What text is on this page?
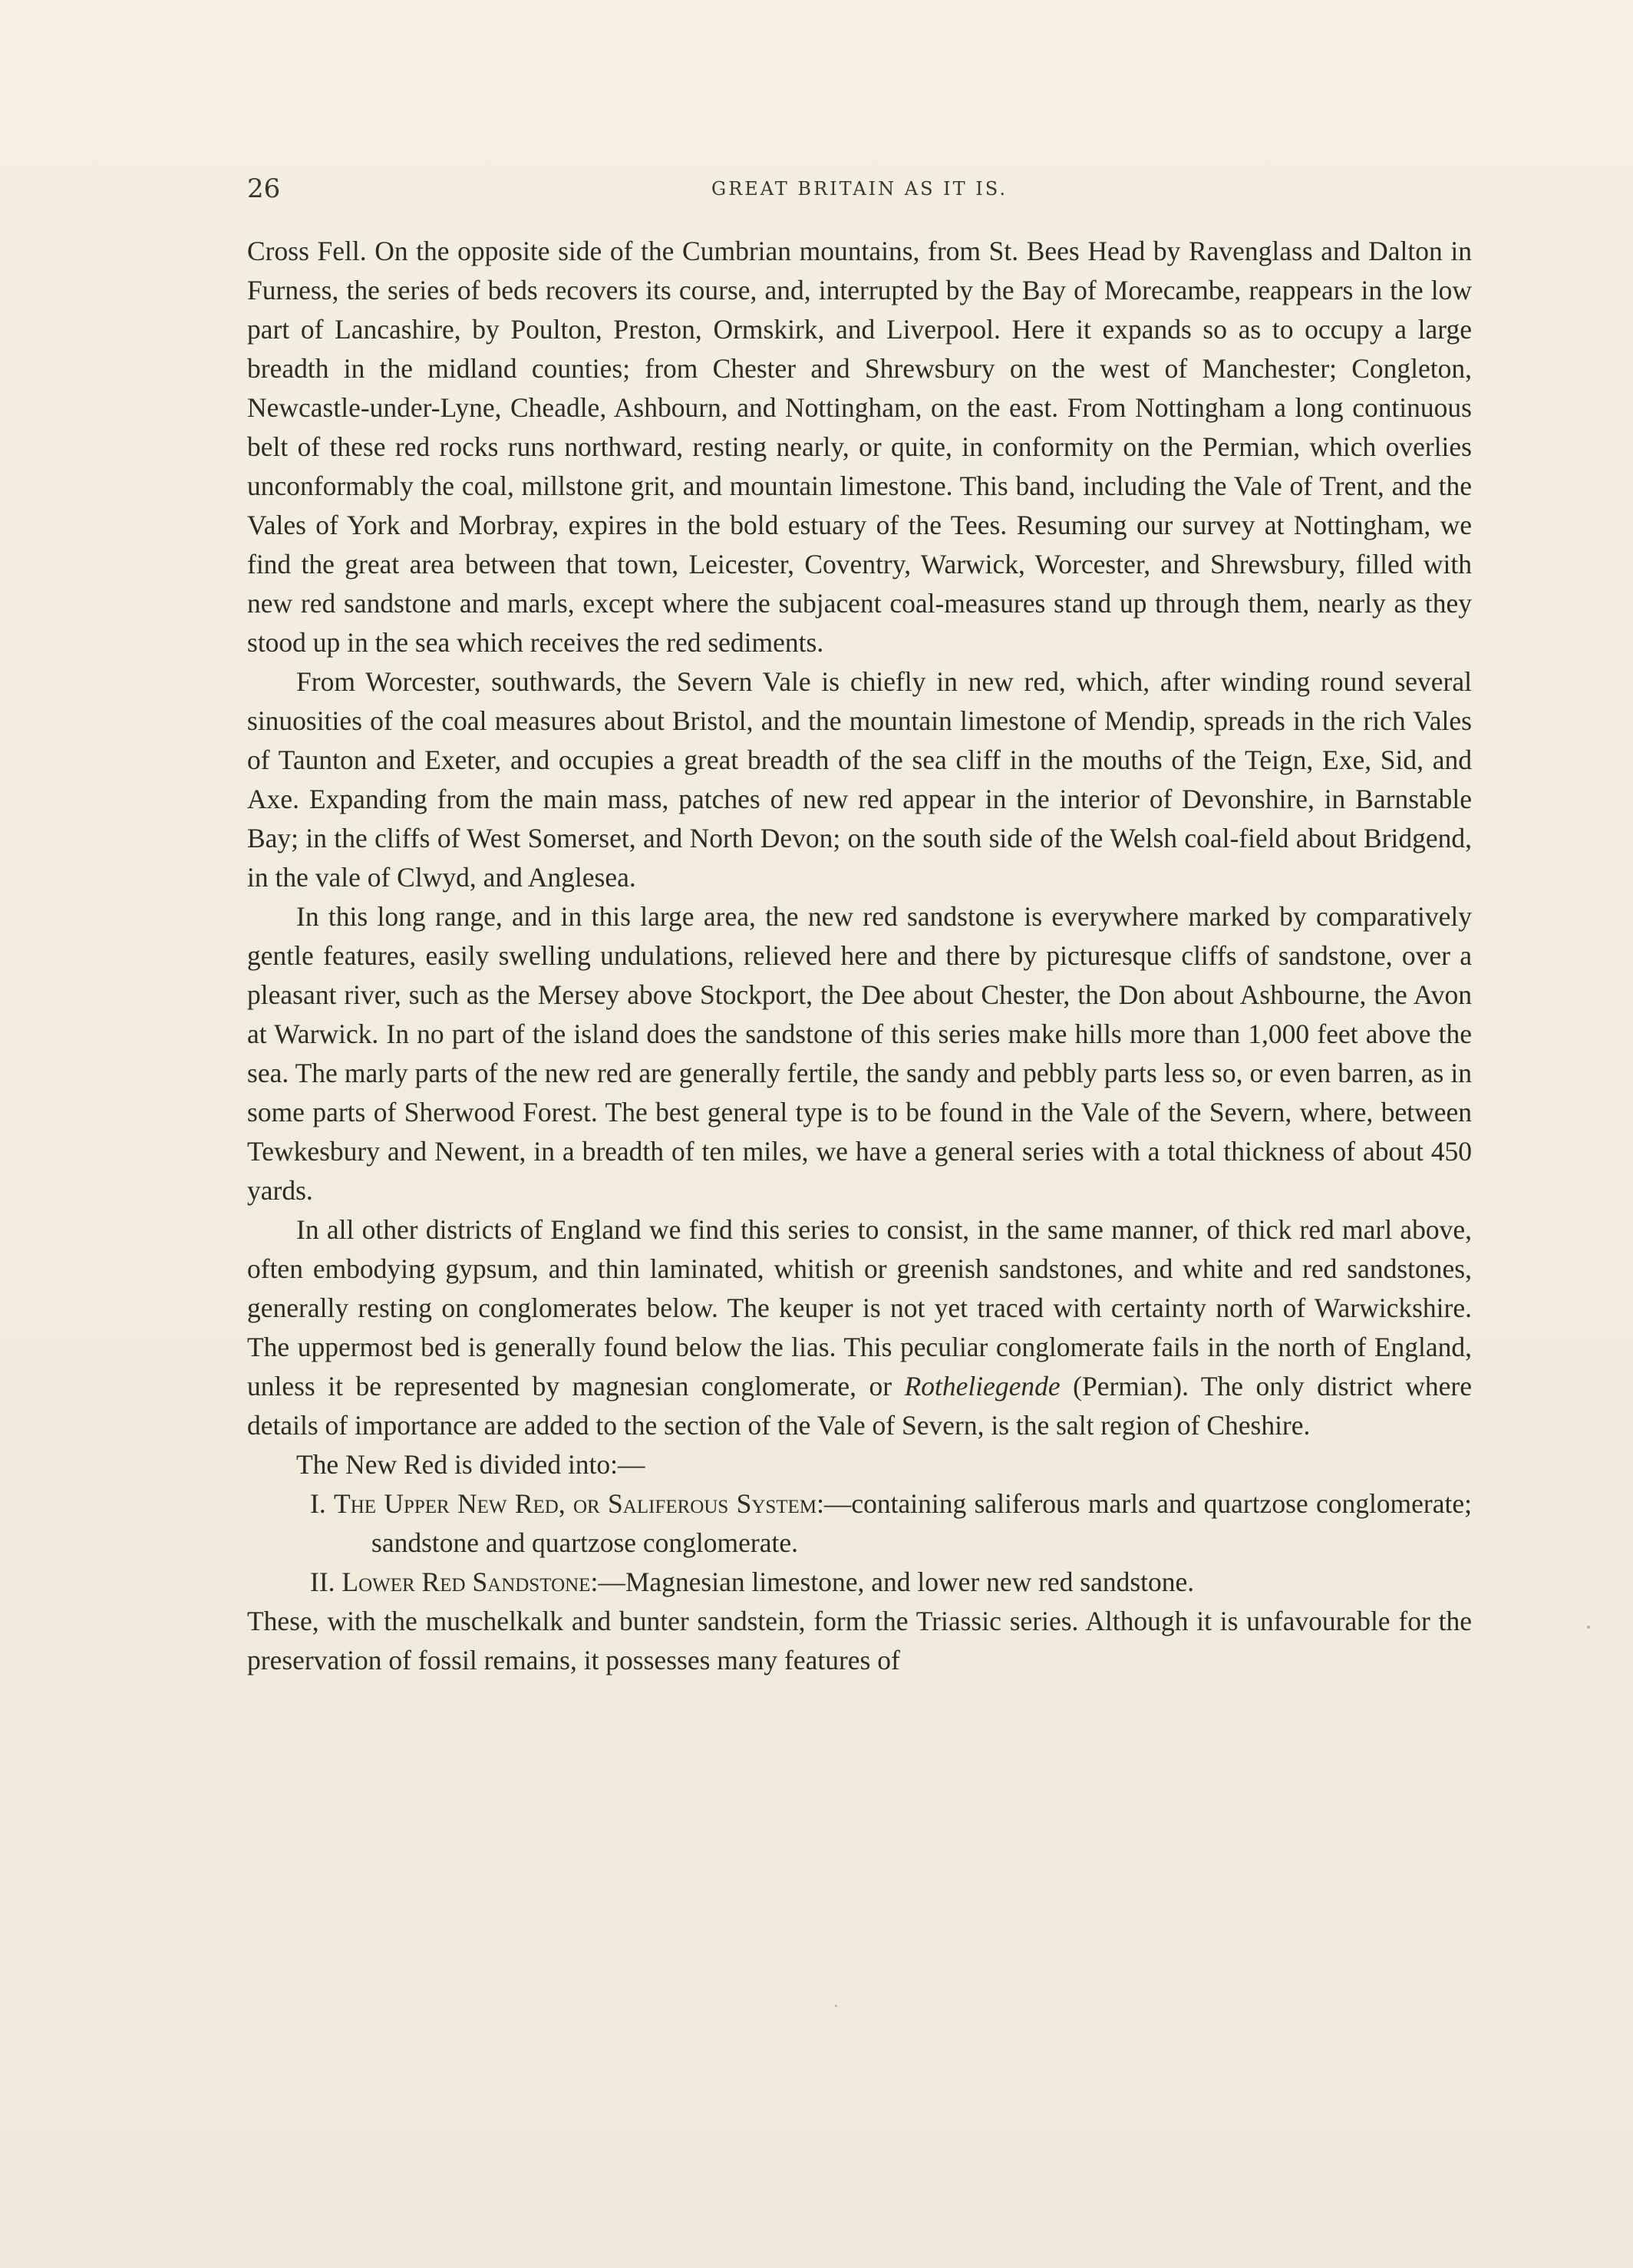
26	GREAT BRITAIN AS IT IS.

Cross Fell. On the opposite side of the Cumbrian mountains, from St. Bees Head by Ravenglass and Dalton in Furness, the series of beds recovers its course, and, interrupted by the Bay of Morecambe, reappears in the low part of Lancashire, by Poulton, Preston, Ormskirk, and Liverpool. Here it expands so as to occupy a large breadth in the midland counties; from Chester and Shrewsbury on the west of Manchester; Congleton, Newcastle-under-Lyne, Cheadle, Ashbourn, and Nottingham, on the east. From Nottingham a long continuous belt of these red rocks runs northward, resting nearly, or quite, in conformity on the Permian, which overlies unconformably the coal, millstone grit, and mountain limestone. This band, including the Vale of Trent, and the Vales of York and Morbray, expires in the bold estuary of the Tees. Resuming our survey at Nottingham, we find the great area between that town, Leicester, Coventry, Warwick, Worcester, and Shrewsbury, filled with new red sandstone and marls, except where the subjacent coal-measures stand up through them, nearly as they stood up in the sea which receives the red sediments.

From Worcester, southwards, the Severn Vale is chiefly in new red, which, after winding round several sinuosities of the coal measures about Bristol, and the mountain limestone of Mendip, spreads in the rich Vales of Taunton and Exeter, and occupies a great breadth of the sea cliff in the mouths of the Teign, Exe, Sid, and Axe. Expanding from the main mass, patches of new red appear in the interior of Devonshire, in Barnstable Bay; in the cliffs of West Somerset, and North Devon; on the south side of the Welsh coal-field about Bridgend, in the vale of Clwyd, and Anglesea.

In this long range, and in this large area, the new red sandstone is everywhere marked by comparatively gentle features, easily swelling undulations, relieved here and there by picturesque cliffs of sandstone, over a pleasant river, such as the Mersey above Stockport, the Dee about Chester, the Don about Ashbourne, the Avon at Warwick. In no part of the island does the sandstone of this series make hills more than 1,000 feet above the sea. The marly parts of the new red are generally fertile, the sandy and pebbly parts less so, or even barren, as in some parts of Sherwood Forest. The best general type is to be found in the Vale of the Severn, where, between Tewkesbury and Newent, in a breadth of ten miles, we have a general series with a total thickness of about 450 yards.

In all other districts of England we find this series to consist, in the same manner, of thick red marl above, often embodying gypsum, and thin laminated, whitish or greenish sandstones, and white and red sandstones, generally resting on conglomerates below. The keuper is not yet traced with certainty north of Warwickshire. The uppermost bed is generally found below the lias. This peculiar conglomerate fails in the north of England, unless it be represented by magnesian conglomerate, or Rotheliegende (Permian). The only district where details of importance are added to the section of the Vale of Severn, is the salt region of Cheshire.

The New Red is divided into:—

I. The Upper New Red, or Saliferous System:—containing saliferous marls and quartzose conglomerate; sandstone and quartzose conglomerate.

II. Lower Red Sandstone:—Magnesian limestone, and lower new red sandstone.

These, with the muschelkalk and bunter sandstein, form the Triassic series. Although it is unfavourable for the preservation of fossil remains, it possesses many features of
